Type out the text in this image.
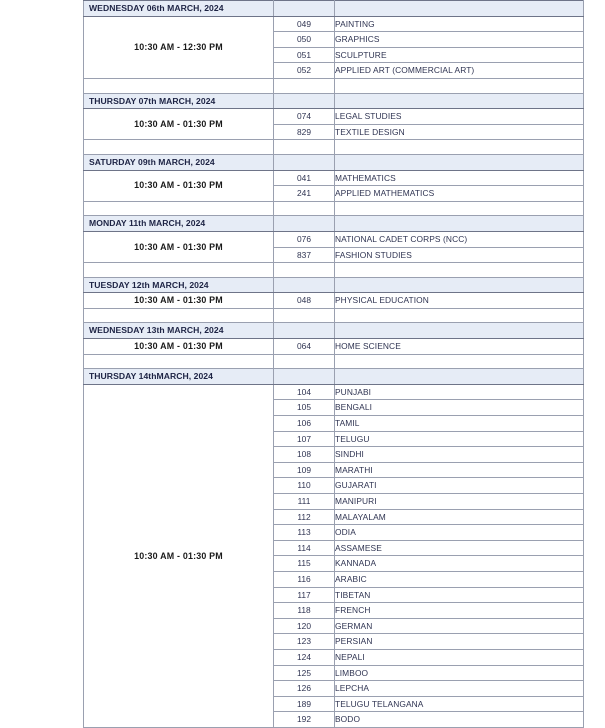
WEDNESDAY 06th MARCH, 2024		
10:30 AM - 12:30 PM	049	PAINTING
	050	GRAPHICS
	051	SCULPTURE
	052	APPLIED ART (COMMERCIAL ART)

THURSDAY 07th MARCH, 2024		
10:30 AM - 01:30 PM	074	LEGAL STUDIES
	829	TEXTILE DESIGN

SATURDAY 09th MARCH, 2024		
10:30 AM - 01:30 PM	041	MATHEMATICS
	241	APPLIED MATHEMATICS

MONDAY 11th MARCH, 2024		
10:30 AM - 01:30 PM	076	NATIONAL CADET CORPS (NCC)
	837	FASHION STUDIES

TUESDAY 12th MARCH, 2024		
10:30 AM - 01:30 PM	048	PHYSICAL EDUCATION

WEDNESDAY 13th MARCH, 2024		
10:30 AM - 01:30 PM	064	HOME SCIENCE

THURSDAY 14thMARCH, 2024		
10:30 AM - 01:30 PM	104	PUNJABI
	105	BENGALI
	106	TAMIL
	107	TELUGU
	108	SINDHI
	109	MARATHI
	110	GUJARATI
	111	MANIPURI
	112	MALAYALAM
	113	ODIA
	114	ASSAMESE
	115	KANNADA
	116	ARABIC
	117	TIBETAN
	118	FRENCH
	120	GERMAN
	123	PERSIAN
	124	NEPALI
	125	LIMBOO
	126	LEPCHA
	189	TELUGU TELANGANA
	192	BODO
